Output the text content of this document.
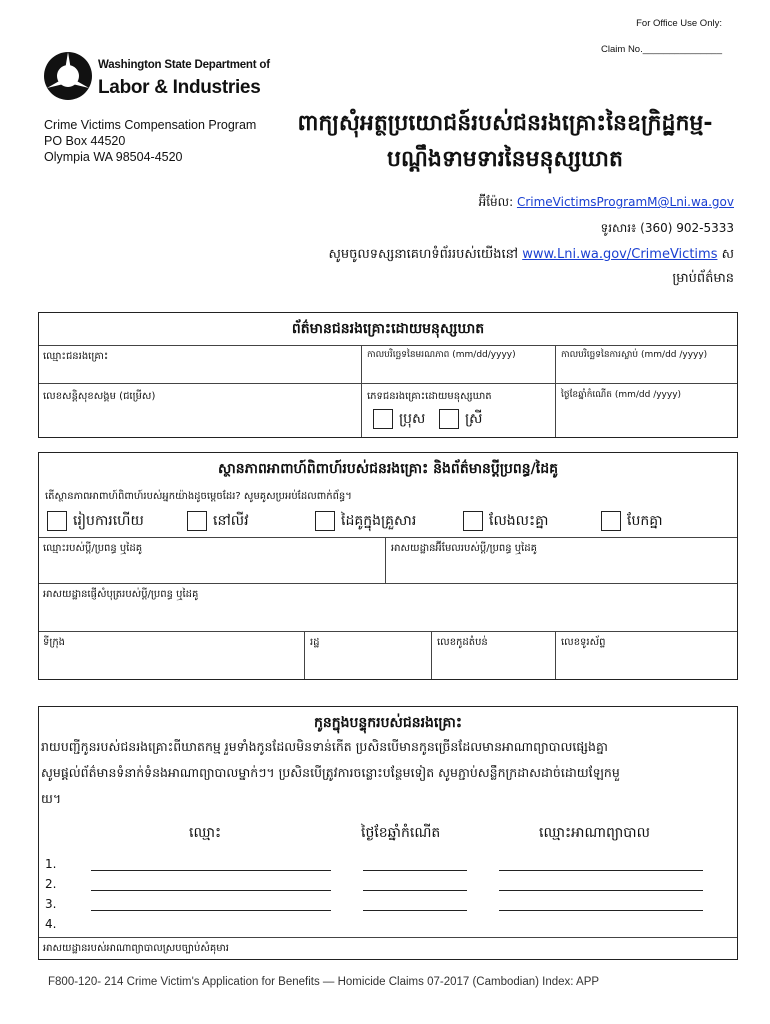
For Office Use Only:
Claim No._______________
Washington State Department of
Labor & Industries
Crime Victims Compensation Program
PO Box 44520
Olympia WA 98504-4520
ពាក្យសុំអត្ថប្រយោជន៍របស់ជនរងគ្រោះនៃឧក្រិដ្ឋកម្ម-
បណ្តឹងទាមទារនៃមនុស្សឃាត
អ៊ីម៉ែល: CrimeVictimsProgramM@Lni.wa.gov
ទូរសារ៖ (360) 902-5333
សូមចូលទស្សនាគេហទំព័ររបស់យើងនៅ www.Lni.wa.gov/CrimeVictims ស
ម្រាប់ព័ត៌មាន
ព័ត៌មានជនរងគ្រោះដោយមនុស្សឃាត
ឈ្មោះជនរងគ្រោះ	កាលបរិច្ឆេទនៃមរណភាព (mm/dd/yyyy)	កាលបរិច្ឆេទនៃការស្លាប់ (mm/dd /yyyy)
លេខសន្តិសុខសង្គម (ជម្រើស)	ភេទជនរងគ្រោះដោយមនុស្សឃាត	ថ្ងៃខែឆ្នាំកំណើត (mm/dd /yyyy)
ប្រុស	ស្រី
ស្ថានភាពអាពាហ៍ពិពាហ៍របស់ជនរងគ្រោះ និងព័ត៌មានប្តីប្រពន្ធ/ដៃគូ
តើស្ថានភាពអាពាហ៍ពិពាហ៍របស់អ្នកយ៉ាងដូចម្តេចដែរ? សូមគូសប្រអប់ដែលពាក់ព័ន្ធ។
រៀបការហើយ	នៅលីវ	ដៃគូក្នុងគ្រួសារ	លែងលះគ្នា	បែកគ្នា
ឈ្មោះរបស់ប្តី/ប្រពន្ធ ឬដៃគូ	អាសយដ្ឋានអ៊ីមែលរបស់ប្តី/ប្រពន្ធ ឬដៃគូ
អាសយដ្ឋានផ្ញើសំបុត្ររបស់ប្តី/ប្រពន្ធ ឬដៃគូ
ទីក្រុង	រដ្ឋ	លេខកូដតំបន់	លេខទូរស័ព្ទ
កូនក្នុងបន្ទុករបស់ជនរងគ្រោះ
រាយបញ្ជីកូនរបស់ជនរងគ្រោះពីឃាតកម្ម រួមទាំងកូនដែលមិនទាន់កើត ប្រសិនបើមានកូនច្រើនដែលមានអាណាព្យាបាលផ្សេងគ្នា
សូមផ្តល់ព័ត៌មានទំនាក់ទំនងអាណាព្យាបាលម្នាក់ៗ។ ប្រសិនបើត្រូវការចន្លោះបន្ថែមទៀត សូមភ្ជាប់សន្លឹកក្រដាសដាច់ដោយឡែកមួ
យ។
ឈ្មោះ	ថ្ងៃខែឆ្នាំកំណើត	ឈ្មោះអាណាព្យាបាល
1.
2.
3.
4.
អាសយដ្ឋានរបស់អាណាព្យាបាលស្របច្បាប់សំគុមារ
F800-120- 214 Crime Victim's Application for Benefits — Homicide Claims 07-2017 (Cambodian) Index: APP
